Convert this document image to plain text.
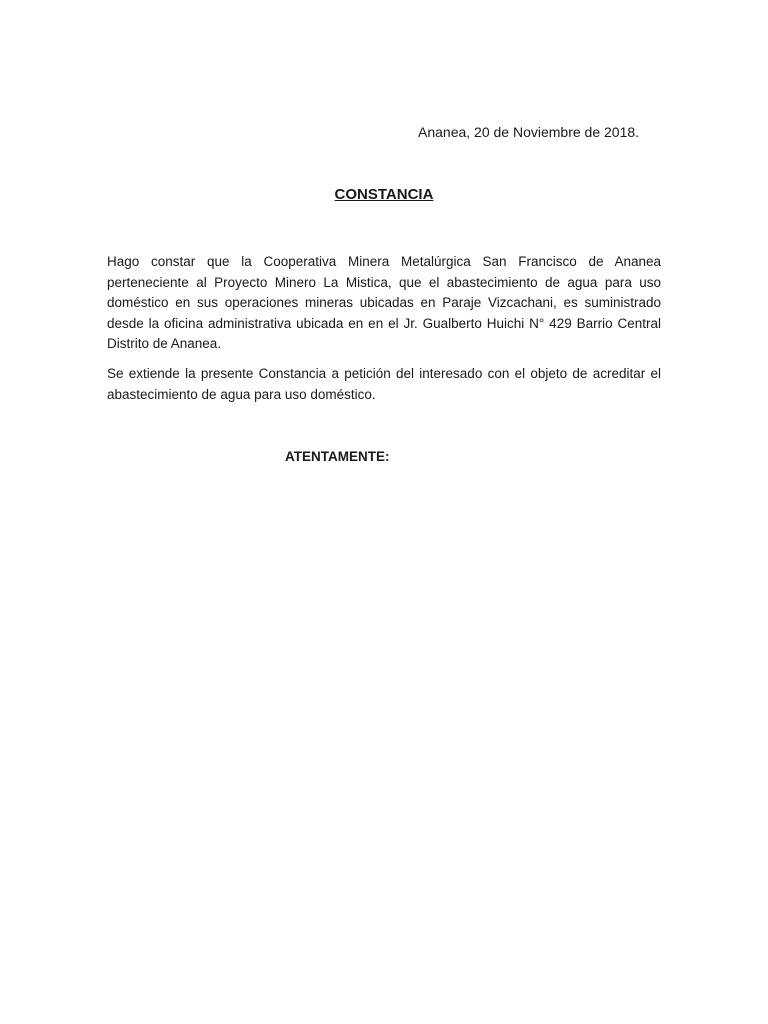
Ananea, 20 de Noviembre de 2018.
CONSTANCIA

Hago constar que la Cooperativa Minera Metalúrgica San Francisco de Ananea perteneciente al Proyecto Minero La Mistica, que el abastecimiento de agua para uso doméstico en sus operaciones mineras ubicadas en Paraje Vizcachani, es suministrado desde la oficina administrativa ubicada en en el Jr. Gualberto Huichi N° 429 Barrio Central Distrito de Ananea.

Se extiende la presente Constancia a petición del interesado con el objeto de acreditar el abastecimiento de agua para uso doméstico.

ATENTAMENTE:
